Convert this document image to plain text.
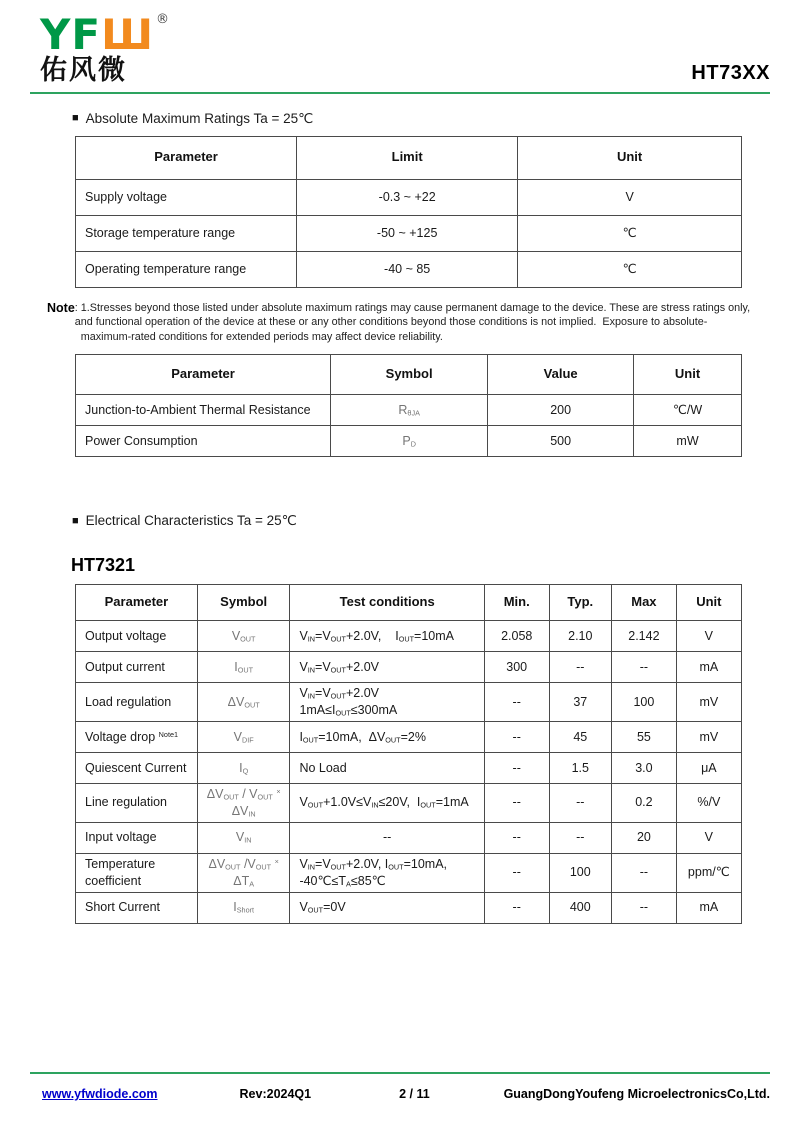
YFШ ®
佑风微	HT73XX
■ Absolute Maximum Ratings Ta = 25℃
Parameter	Limit	Unit
Supply voltage	-0.3 ~ +22	V
Storage temperature range	-50 ~ +125	℃
Operating temperature range	-40 ~ 85	℃
Note : 1.Stresses beyond those listed under absolute maximum ratings may cause permanent damage to the device. These are stress ratings only,
and functional operation of the device at these or any other conditions beyond those conditions is not implied.  Exposure to absolute-
maximum-rated conditions for extended periods may affect device reliability.
Parameter	Symbol	Value	Unit
Junction-to-Ambient Thermal Resistance	$R_{\theta JA}$	200	℃/W
Power Consumption	$P_D$	500	mW
■ Electrical Characteristics Ta = 25℃
HT7321
Parameter	Symbol	Test conditions	Min.	Typ.	Max	Unit
Output voltage	$V_{OUT}$	$V_{IN}=V_{OUT}+2.0V$,    $I_{OUT}=10mA$	2.058	2.10	2.142	V
Output current	$I_{OUT}$	$V_{IN}=V_{OUT}+2.0V$	300	--	--	mA
Load regulation	$\Delta V_{OUT}$	$V_{IN}=V_{OUT}+2.0V$
$1mA\le I_{OUT}\le 300mA$	--	37	100	mV
Voltage drop $^{Note1}$	$V_{DIF}$	$I_{OUT}=10mA$,  $\Delta V_{OUT}=2\%$	--	45	55	mV
Quiescent Current	$I_Q$	No Load	--	1.5	3.0	μA
Line regulation	$\Delta V_{OUT} / V_{OUT}$ ×
$\Delta V_{IN}$	$V_{OUT}+1.0V\le V_{IN}\le 20V$,  $I_{OUT}=1mA$	--	--	0.2	%/V
Input voltage	$V_{IN}$	--	--	--	20	V
Temperature
coefficient	$\Delta V_{OUT}$ $/V_{OUT}$ ×
$\Delta T_A$	$V_{IN}=V_{OUT}+2.0V$, $I_{OUT}=10mA$,
$-40℃\le T_A\le 85℃$	--	100	--	ppm/℃
Short Current	$I_{Short}$	$V_{OUT}=0V$	--	400	--	mA
www.yfwdiode.com	Rev:2024Q1	2 / 11	GuangDongYoufeng MicroelectronicsCo,Ltd.
